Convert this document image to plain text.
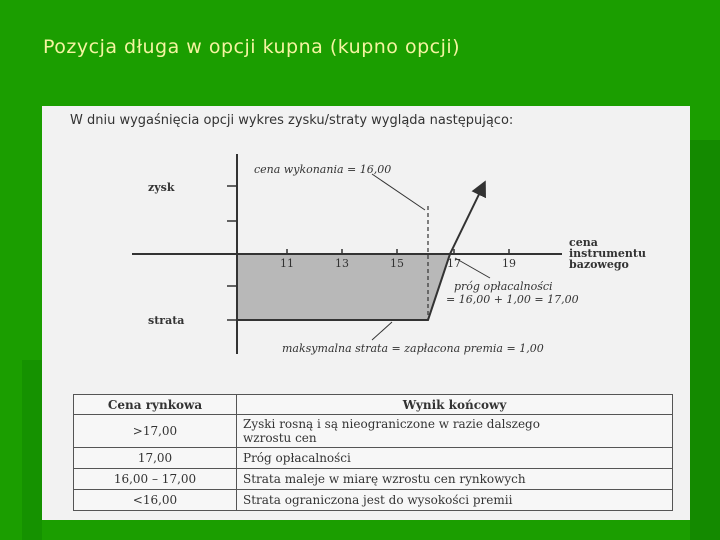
Pozycja długa w opcji kupna (kupno opcji)
W dniu wygaśnięcia opcji wykres zysku/straty wygląda następująco:
zysk
strata
11	13	15	17	19
cena
instrumentu
bazowego
cena wykonania = 16,00
próg opłacalności
= 16,00 + 1,00 = 17,00
maksymalna strata = zapłacona premia = 1,00
Cena rynkowa	Wynik końcowy
>17,00	Zyski rosną i są nieograniczone w razie dalszego
wzrostu cen

17,00	Próg opłacalności
16,00 – 17,00	Strata maleje w miarę wzrostu cen rynkowych
<16,00	Strata ograniczona jest do wysokości premii
